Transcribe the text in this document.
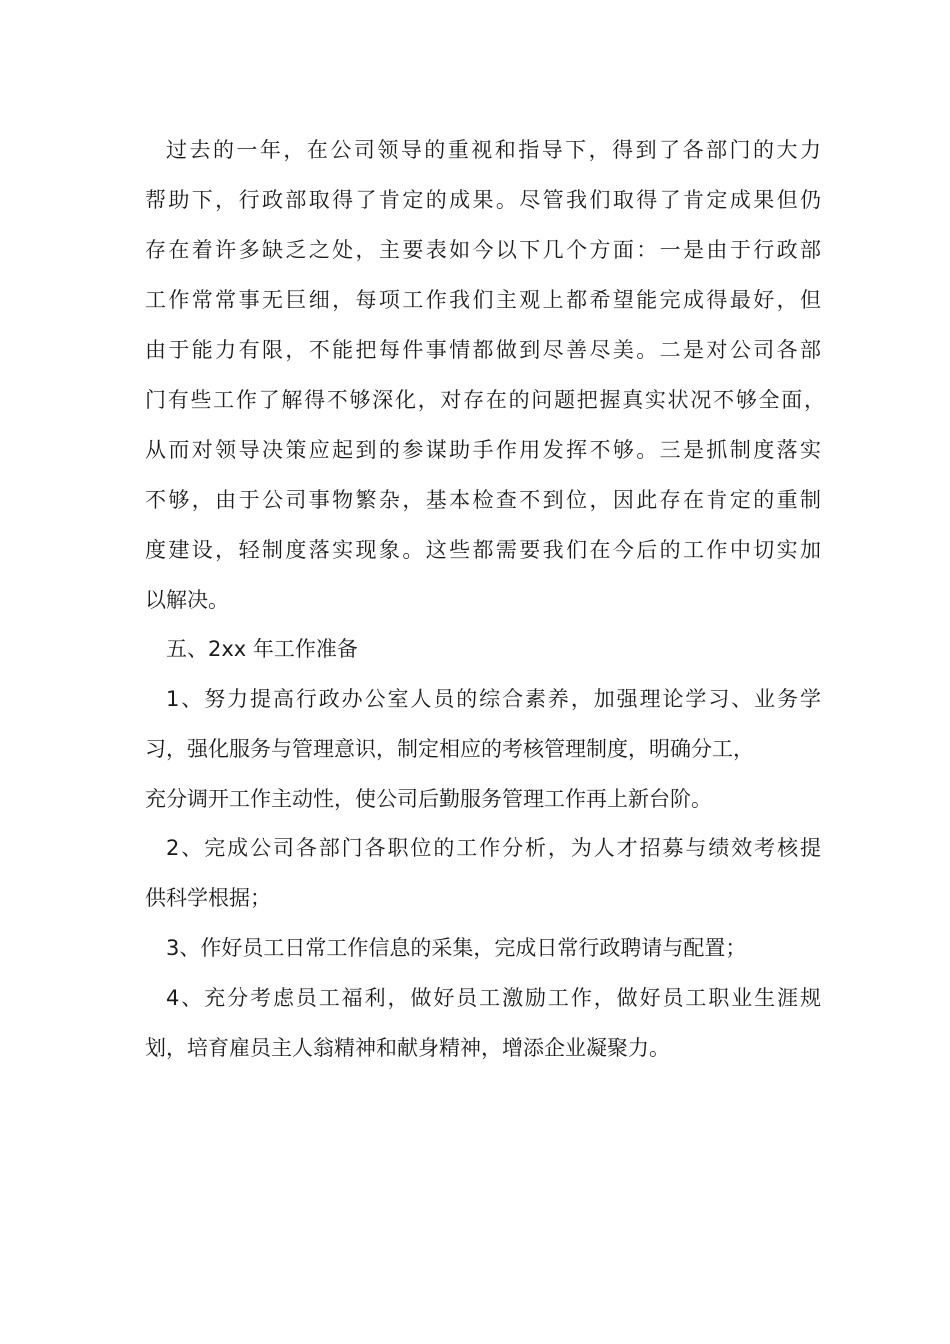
过去的一年，在公司领导的重视和指导下，得到了各部门的大力
帮助下，行政部取得了肯定的成果。尽管我们取得了肯定成果但仍
存在着许多缺乏之处，主要表如今以下几个方面：一是由于行政部
工作常常事无巨细，每项工作我们主观上都希望能完成得最好，但
由于能力有限，不能把每件事情都做到尽善尽美。二是对公司各部
门有些工作了解得不够深化，对存在的问题把握真实状况不够全面，
从而对领导决策应起到的参谋助手作用发挥不够。三是抓制度落实
不够，由于公司事物繁杂，基本检查不到位，因此存在肯定的重制
度建设，轻制度落实现象。这些都需要我们在今后的工作中切实加
以解决。
五、2xx 年工作准备
1、努力提高行政办公室人员的综合素养，加强理论学习、业务学
习，强化服务与管理意识，制定相应的考核管理制度，明确分工，
充分调开工作主动性，使公司后勤服务管理工作再上新台阶。
2、完成公司各部门各职位的工作分析，为人才招募与绩效考核提
供科学根据；
3、作好员工日常工作信息的采集，完成日常行政聘请与配置；
4、充分考虑员工福利，做好员工激励工作，做好员工职业生涯规
划，培育雇员主人翁精神和献身精神，增添企业凝聚力。
